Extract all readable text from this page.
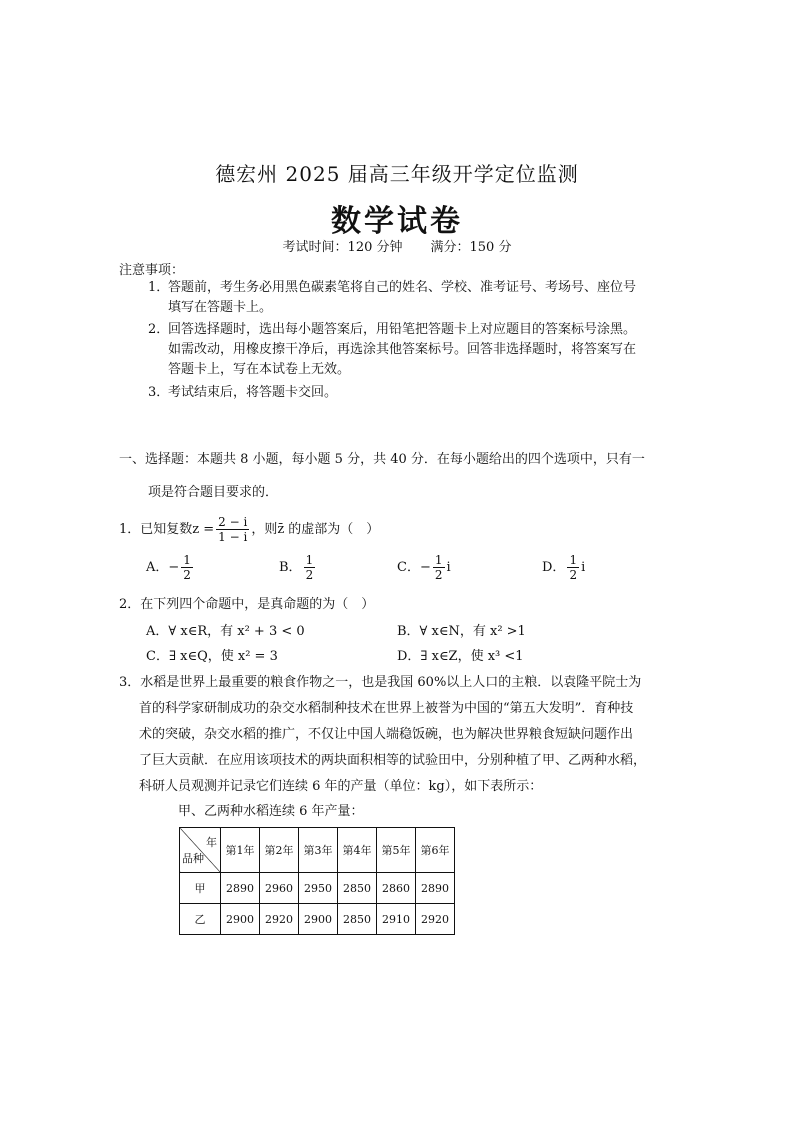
德宏州 2025 届高三年级开学定位监测
数学试卷
考试时间：120 分钟 满分：150 分
注意事项：
1．答题前，考生务必用黑色碳素笔将自己的姓名、学校、准考证号、考场号、座位号
填写在答题卡上。
2．回答选择题时，选出每小题答案后，用铅笔把答题卡上对应题目的答案标号涂黑。
如需改动，用橡皮擦干净后，再选涂其他答案标号。回答非选择题时，将答案写在
答题卡上，写在本试卷上无效。
3．考试结束后，将答题卡交回。
一、选择题：本题共 8 小题，每小题 5 分，共 40 分．在每小题给出的四个选项中，只有一
项是符合题目要求的．
1．已知复数$z = \frac{2 - i}{1 - i}$ ，则z̄ 的虚部为（　）
A．− $\frac{1}{2}$	B． $\frac{1}{2}$	C．− $\frac{1}{2}$ i	D． $\frac{1}{2}$ i
2．在下列四个命题中，是真命题的为（　）
A．∀ x∈R，有 x² + 3 < 0	B．∀ x∈N，有 x² >1
C．∃ x∈Q，使 x² = 3	D．∃ x∈Z，使 x³ <1
3．水稻是世界上最重要的粮食作物之一，也是我国 60%以上人口的主粮．以袁隆平院士为
首的科学家研制成功的杂交水稻制种技术在世界上被誉为中国的“第五大发明”．育种技
术的突破，杂交水稻的推广，不仅让中国人端稳饭碗，也为解决世界粮食短缺问题作出
了巨大贡献．在应用该项技术的两块面积相等的试验田中，分别种植了甲、乙两种水稻，
科研人员观测并记录它们连续 6 年的产量（单位：kg），如下表所示：
甲、乙两种水稻连续 6 年产量：
年
品种	第1年	第2年	第3年	第4年	第5年	第6年
甲	2890	2960	2950	2850	2860	2890
乙	2900	2920	2900	2850	2910	2920
